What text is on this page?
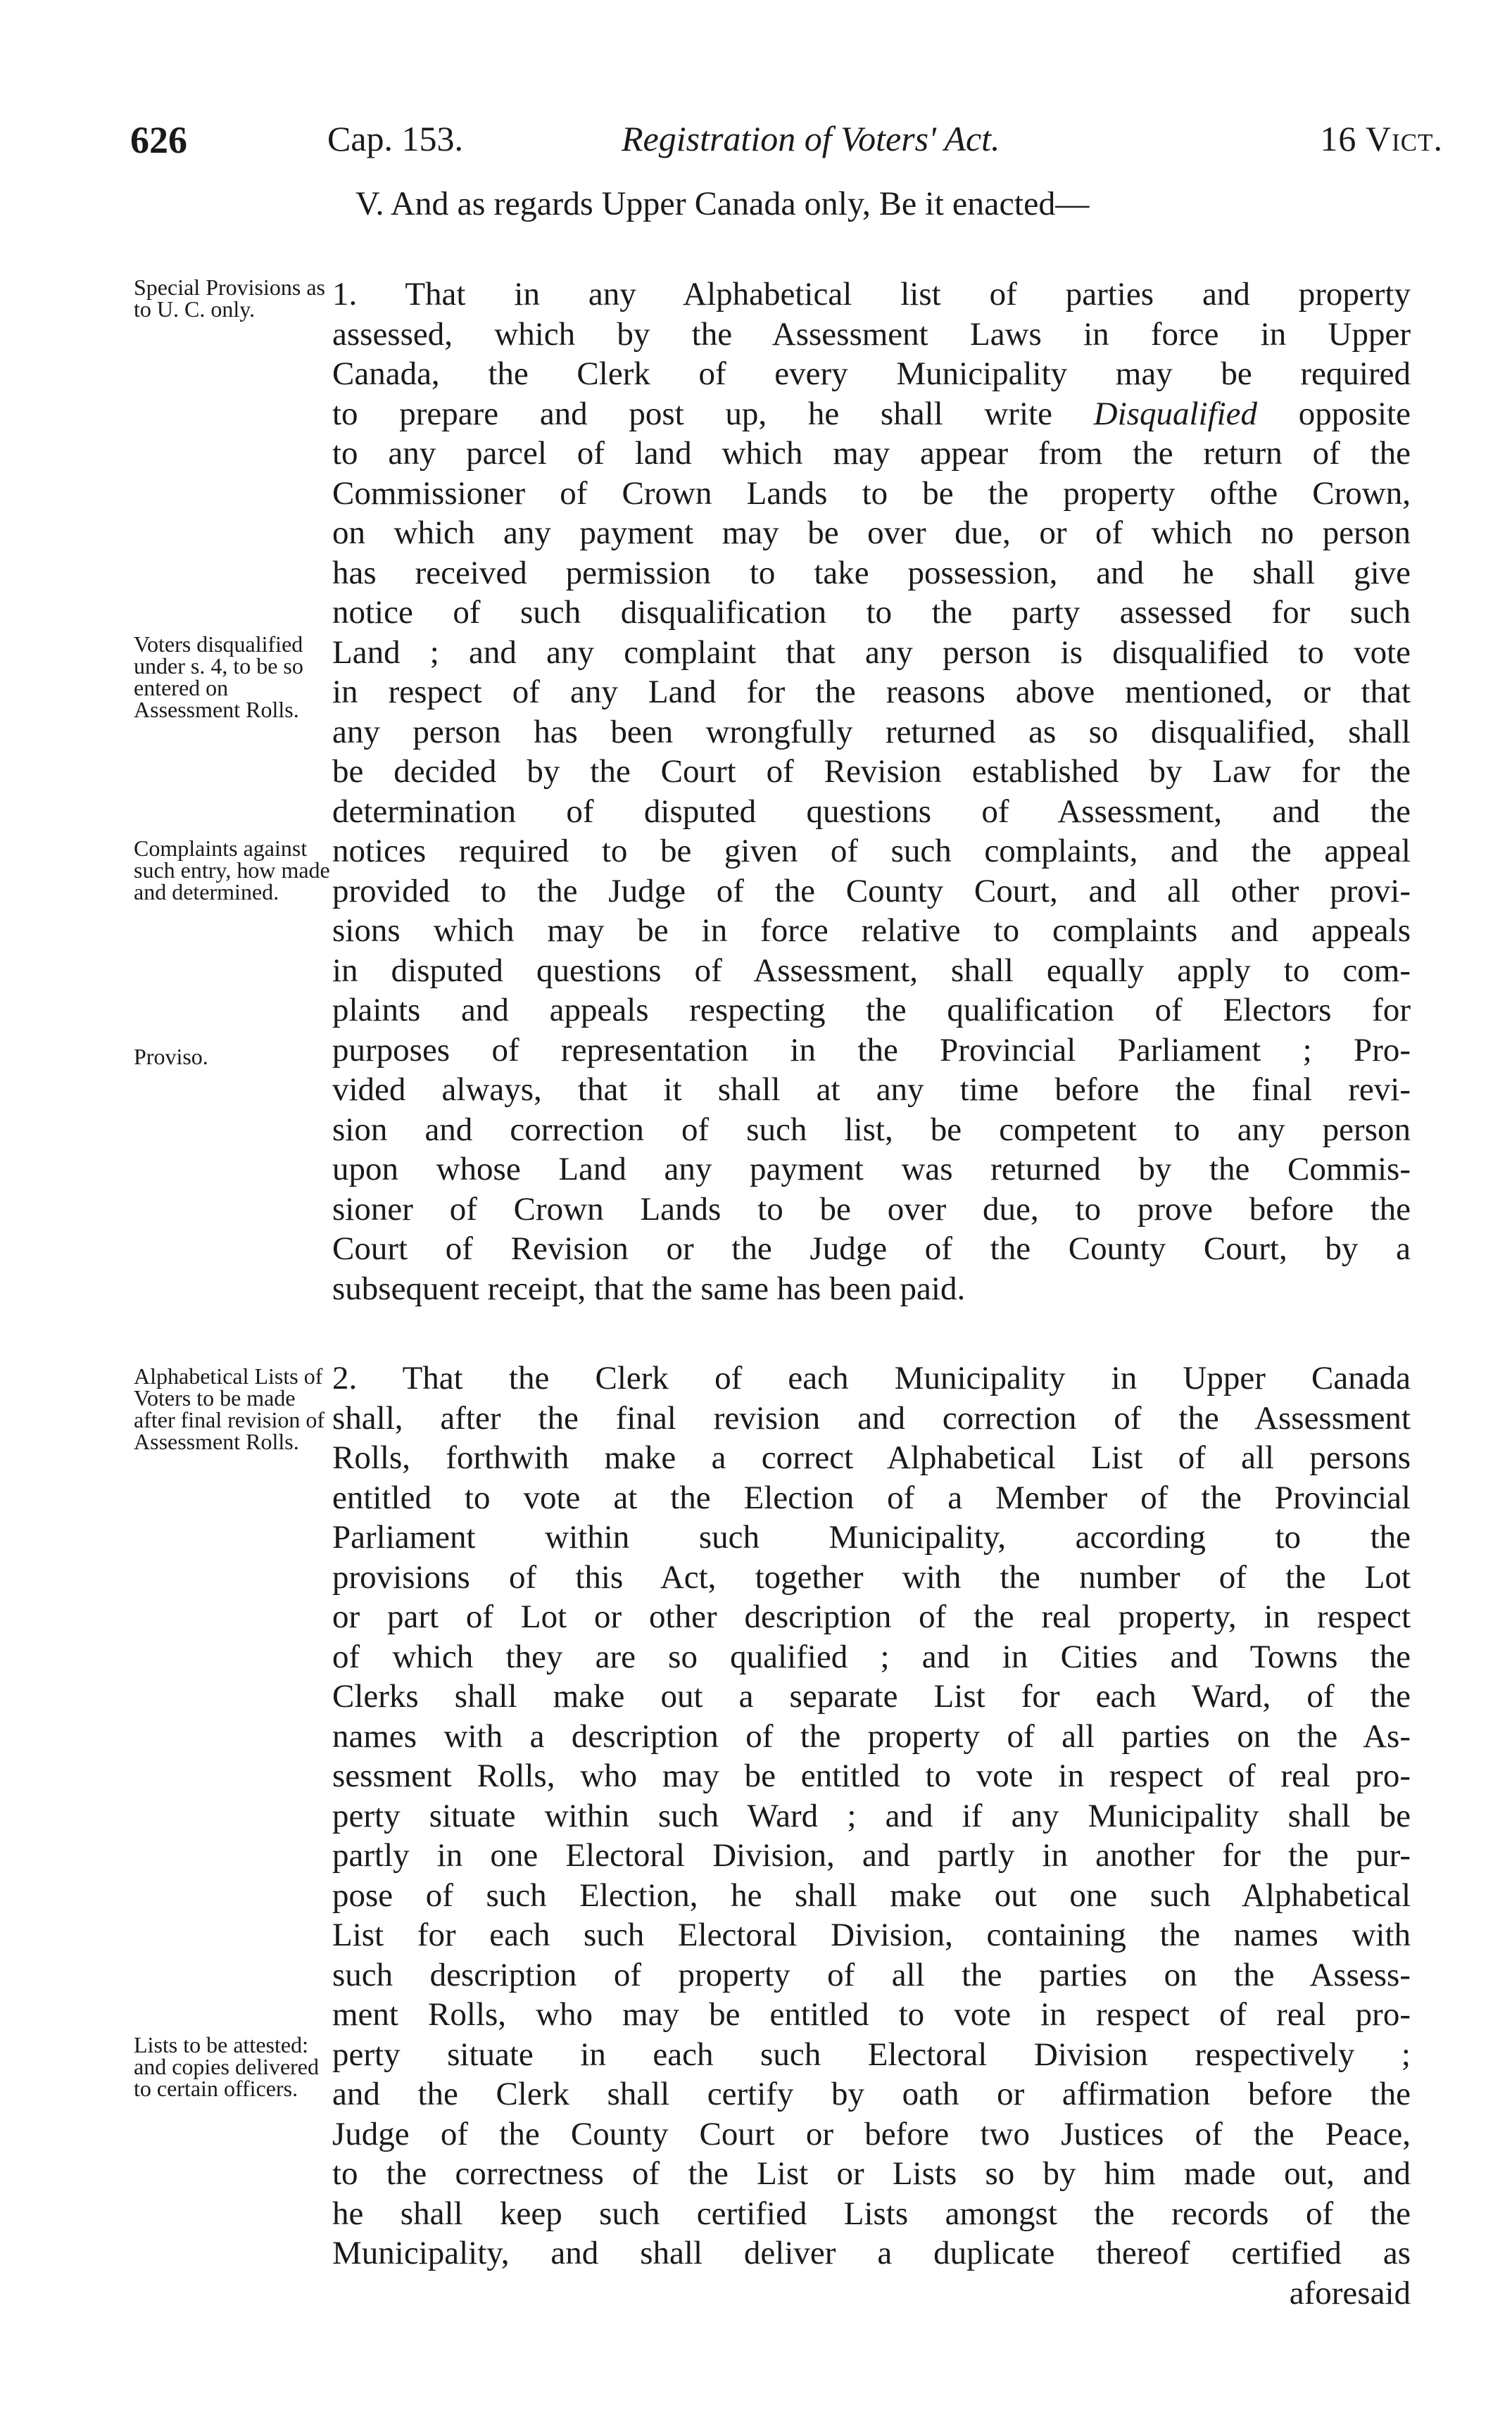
626	Cap. 153.	Registration of Voters' Act.	16 Vict.
V. And as regards Upper Canada only, Be it enacted—
Special Provisions as to U. C. only.
Voters disqualified under s. 4, to be so entered on Assessment Rolls.
Complaints against such entry, how made and determined.
Proviso.
Alphabetical Lists of Voters to be made after final revision of Assessment Rolls.
Lists to be attested: and copies delivered to certain officers.
1. That in any Alphabetical list of parties and property
assessed, which by the Assessment Laws in force in Upper
Canada, the Clerk of every Municipality may be required
to prepare and post up, he shall write Disqualified opposite
to any parcel of land which may appear from the return of the
Commissioner of Crown Lands to be the property ofthe Crown,
on which any payment may be over due, or of which no person
has received permission to take possession, and he shall give
notice of such disqualification to the party assessed for such
Land ; and any complaint that any person is disqualified to vote
in respect of any Land for the reasons above mentioned, or that
any person has been wrongfully returned as so disqualified, shall
be decided by the Court of Revision established by Law for the
determination of disputed questions of Assessment, and the
notices required to be given of such complaints, and the appeal
provided to the Judge of the County Court, and all other provi-
sions which may be in force relative to complaints and appeals
in disputed questions of Assessment, shall equally apply to com-
plaints and appeals respecting the qualification of Electors for
purposes of representation in the Provincial Parliament ; Pro-
vided always, that it shall at any time before the final revi-
sion and correction of such list, be competent to any person
upon whose Land any payment was returned by the Commis-
sioner of Crown Lands to be over due, to prove before the
Court of Revision or the Judge of the County Court, by a
subsequent receipt, that the same has been paid.
2. That the Clerk of each Municipality in Upper Canada
shall, after the final revision and correction of the Assessment
Rolls, forthwith make a correct Alphabetical List of all persons
entitled to vote at the Election of a Member of the Provincial
Parliament within such Municipality, according to the
provisions of this Act, together with the number of the Lot
or part of Lot or other description of the real property, in respect
of which they are so qualified ; and in Cities and Towns the
Clerks shall make out a separate List for each Ward, of the
names with a description of the property of all parties on the As-
sessment Rolls, who may be entitled to vote in respect of real pro-
perty situate within such Ward ; and if any Municipality shall be
partly in one Electoral Division, and partly in another for the pur-
pose of such Election, he shall make out one such Alphabetical
List for each such Electoral Division, containing the names with
such description of property of all the parties on the Assess-
ment Rolls, who may be entitled to vote in respect of real pro-
perty situate in each such Electoral Division respectively ;
and the Clerk shall certify by oath or affirmation before the
Judge of the County Court or before two Justices of the Peace,
to the correctness of the List or Lists so by him made out, and
he shall keep such certified Lists amongst the records of the
Municipality, and shall deliver a duplicate thereof certified as
aforesaid
